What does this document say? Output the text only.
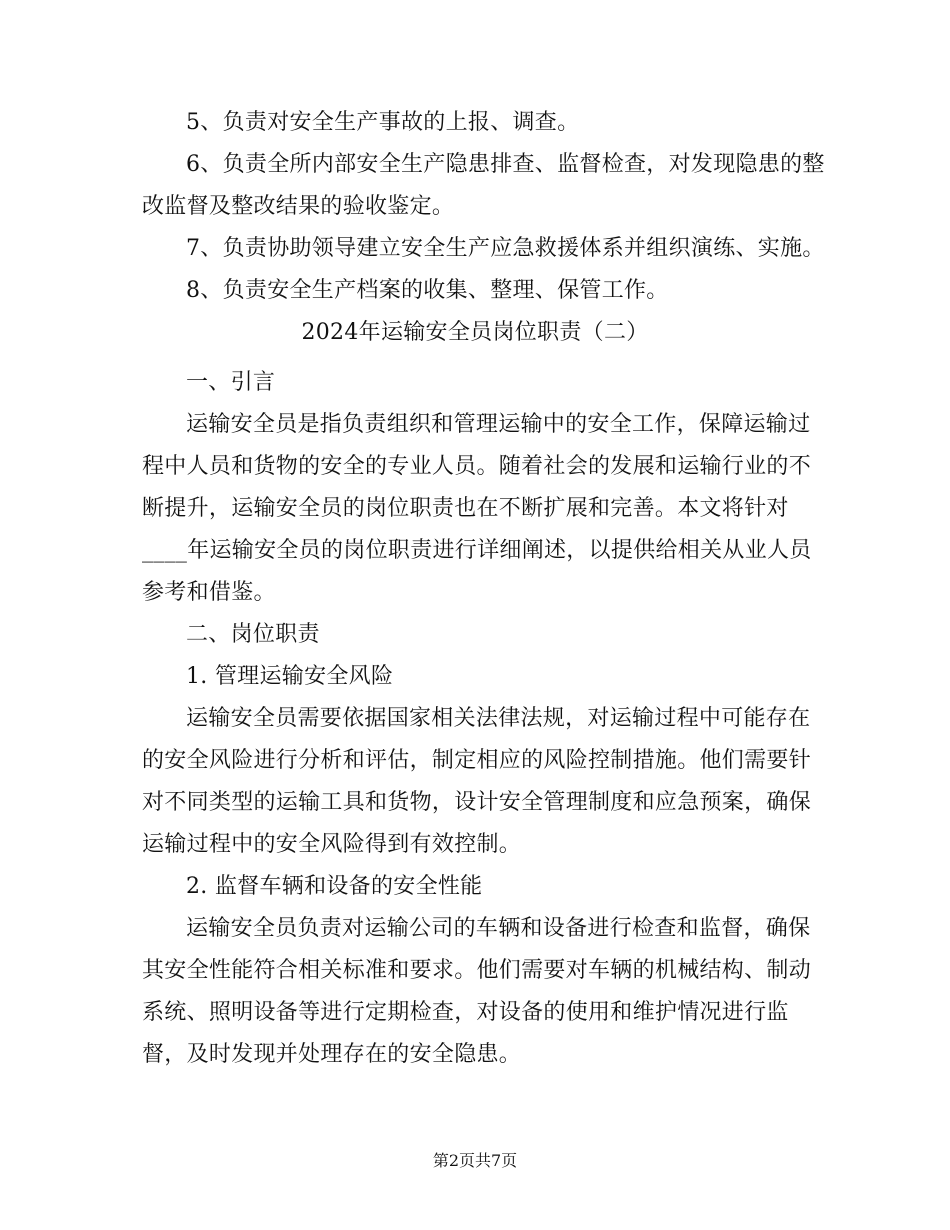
5、负责对安全生产事故的上报、调查。
6、负责全所内部安全生产隐患排查、监督检查，对发现隐患的整
改监督及整改结果的验收鉴定。
7、负责协助领导建立安全生产应急救援体系并组织演练、实施。
8、负责安全生产档案的收集、整理、保管工作。
2024年运输安全员岗位职责（二）
一、引言
运输安全员是指负责组织和管理运输中的安全工作，保障运输过
程中人员和货物的安全的专业人员。随着社会的发展和运输行业的不
断提升，运输安全员的岗位职责也在不断扩展和完善。本文将针对
____年运输安全员的岗位职责进行详细阐述，以提供给相关从业人员
参考和借鉴。
二、岗位职责
1. 管理运输安全风险
运输安全员需要依据国家相关法律法规，对运输过程中可能存在
的安全风险进行分析和评估，制定相应的风险控制措施。他们需要针
对不同类型的运输工具和货物，设计安全管理制度和应急预案，确保
运输过程中的安全风险得到有效控制。
2. 监督车辆和设备的安全性能
运输安全员负责对运输公司的车辆和设备进行检查和监督，确保
其安全性能符合相关标准和要求。他们需要对车辆的机械结构、制动
系统、照明设备等进行定期检查，对设备的使用和维护情况进行监
督，及时发现并处理存在的安全隐患。
第2页共7页
